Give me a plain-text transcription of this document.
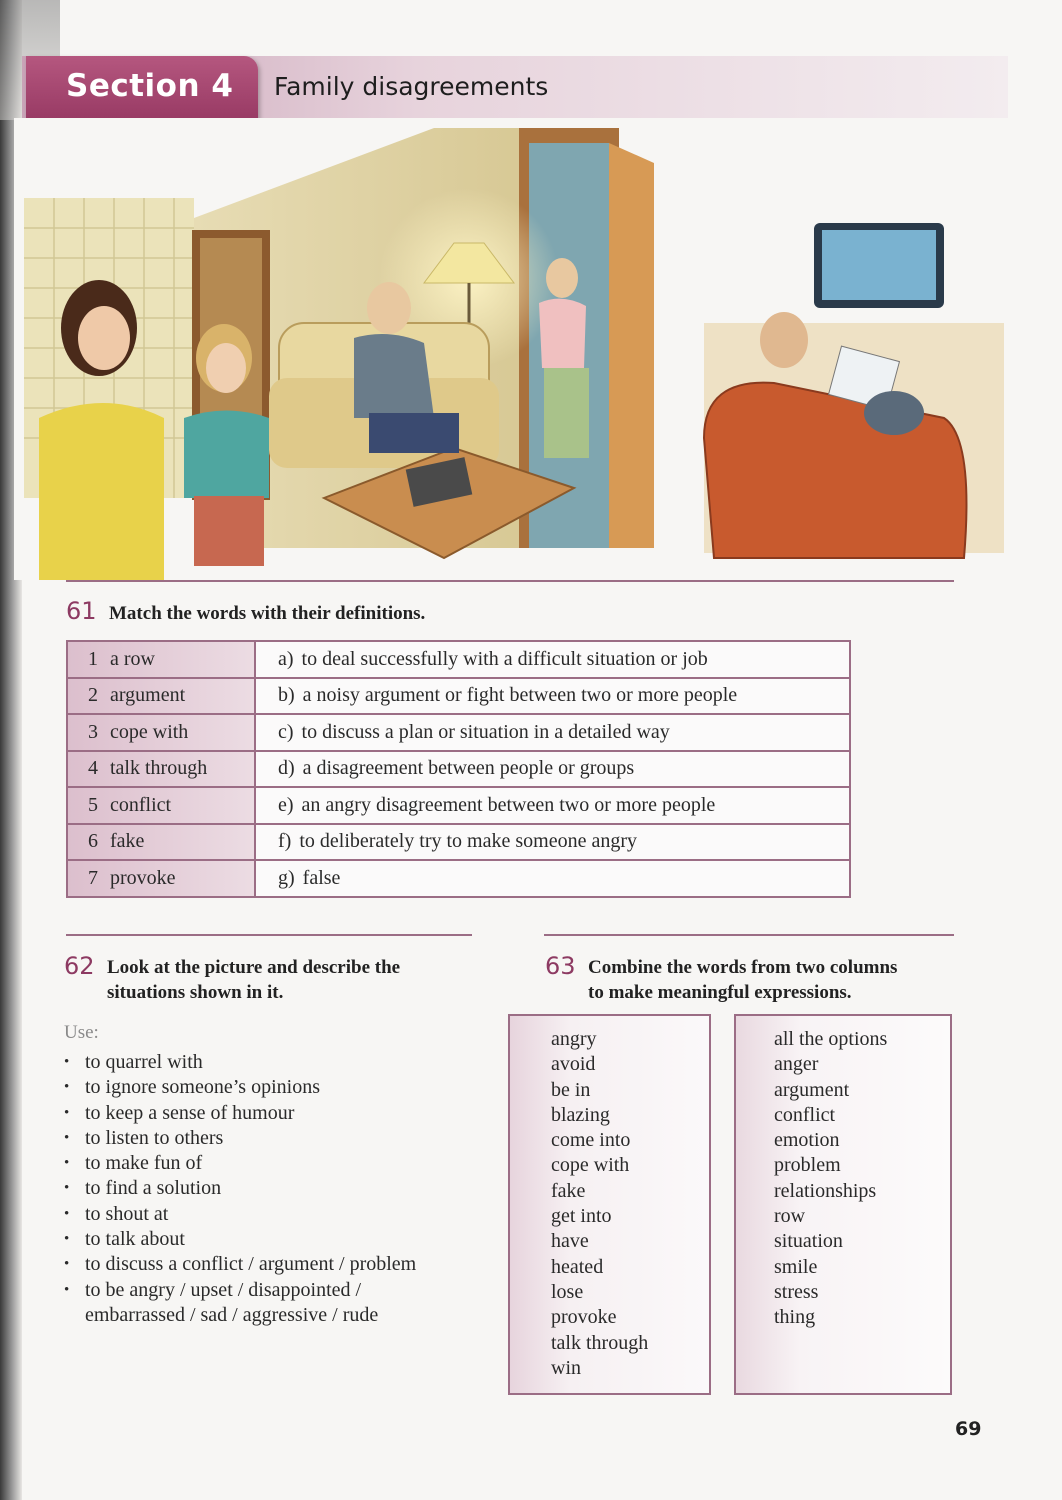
Section 4 Family disagreements
61 Match the words with their definitions.
1 a row	a) to deal successfully with a difficult situation or job
2 argument	b) a noisy argument or fight between two or more people
3 cope with	c) to discuss a plan or situation in a detailed way
4 talk through	d) a disagreement between people or groups
5 conflict	e) an angry disagreement between two or more people
6 fake	f) to deliberately try to make someone angry
7 provoke	g) false
62 Look at the picture and describe the
situations shown in it.
Use:
• to quarrel with
• to ignore someone’s opinions
• to keep a sense of humour
• to listen to others
• to make fun of
• to find a solution
• to shout at
• to talk about
• to discuss a conflict / argument / problem
• to be angry / upset / disappointed /
embarrassed / sad / aggressive / rude
63 Combine the words from two columns
to make meaningful expressions.
angry
avoid
be in
blazing
come into
cope with
fake
get into
have
heated
lose
provoke
talk through
win
all the options
anger
argument
conflict
emotion
problem
relationships
row
situation
smile
stress
thing
69
